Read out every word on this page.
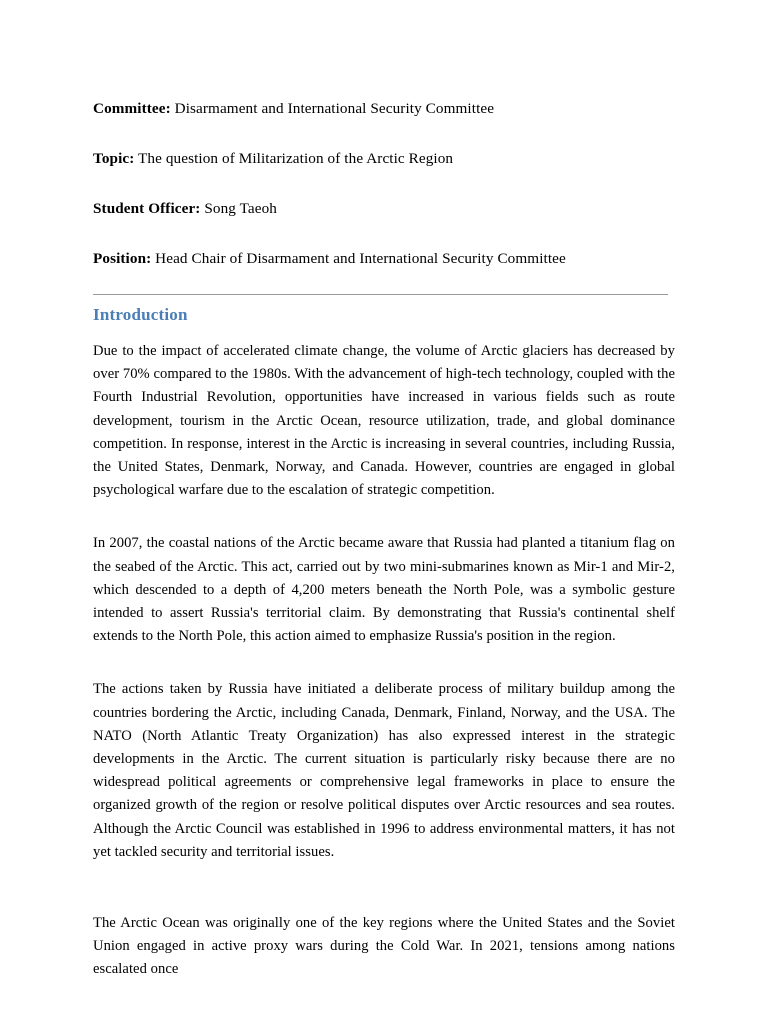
Committee: Disarmament and International Security Committee
Topic: The question of Militarization of the Arctic Region
Student Officer: Song Taeoh
Position: Head Chair of Disarmament and International Security Committee
Introduction

Due to the impact of accelerated climate change, the volume of Arctic glaciers has decreased by over 70% compared to the 1980s. With the advancement of high-tech technology, coupled with the Fourth Industrial Revolution, opportunities have increased in various fields such as route development, tourism in the Arctic Ocean, resource utilization, trade, and global dominance competition. In response, interest in the Arctic is increasing in several countries, including Russia, the United States, Denmark, Norway, and Canada. However, countries are engaged in global psychological warfare due to the escalation of strategic competition.

In 2007, the coastal nations of the Arctic became aware that Russia had planted a titanium flag on the seabed of the Arctic. This act, carried out by two mini-submarines known as Mir-1 and Mir-2, which descended to a depth of 4,200 meters beneath the North Pole, was a symbolic gesture intended to assert Russia's territorial claim. By demonstrating that Russia's continental shelf extends to the North Pole, this action aimed to emphasize Russia's position in the region.

The actions taken by Russia have initiated a deliberate process of military buildup among the countries bordering the Arctic, including Canada, Denmark, Finland, Norway, and the USA. The NATO (North Atlantic Treaty Organization) has also expressed interest in the strategic developments in the Arctic. The current situation is particularly risky because there are no widespread political agreements or comprehensive legal frameworks in place to ensure the organized growth of the region or resolve political disputes over Arctic resources and sea routes. Although the Arctic Council was established in 1996 to address environmental matters, it has not yet tackled security and territorial issues.

The Arctic Ocean was originally one of the key regions where the United States and the Soviet Union engaged in active proxy wars during the Cold War. In 2021, tensions among nations escalated once
